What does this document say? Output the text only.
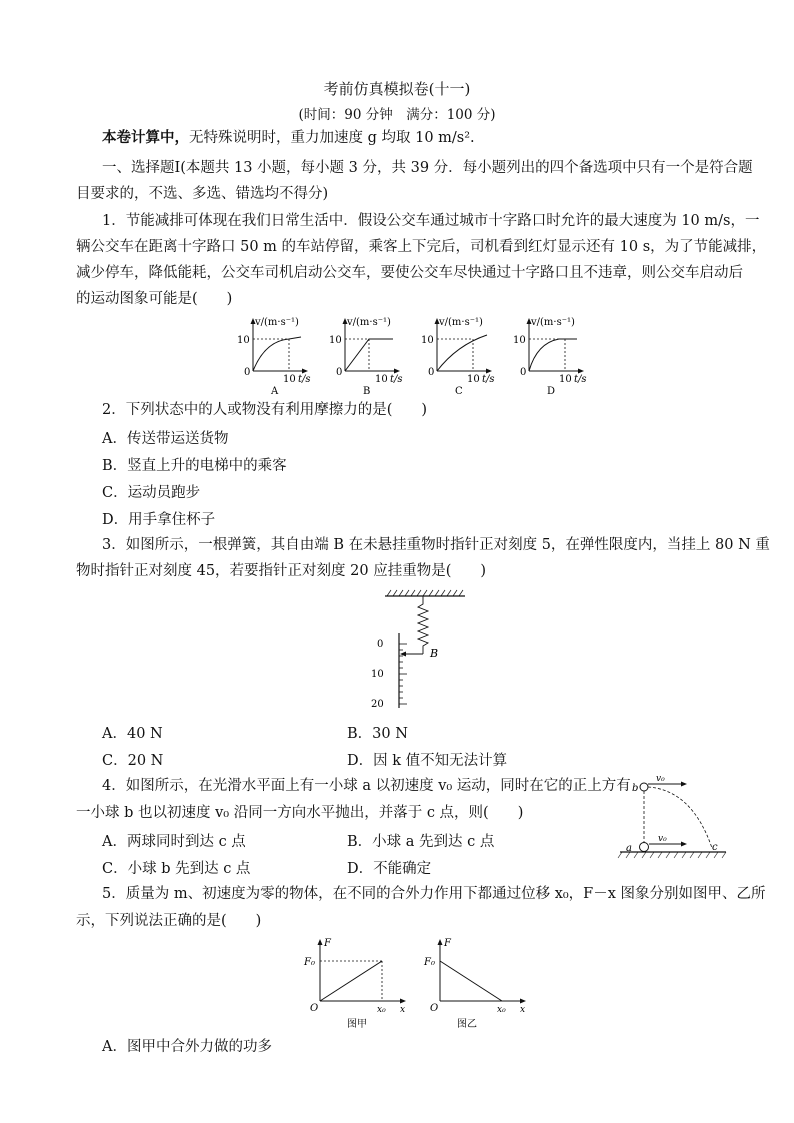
考前仿真模拟卷(十一)
(时间：90 分钟　满分：100 分)
本卷计算中，无特殊说明时，重力加速度 g 均取 10 m/s².
一、选择题Ⅰ(本题共 13 小题，每小题 3 分，共 39 分．每小题列出的四个备选项中只有一个是符合题
目要求的，不选、多选、错选均不得分)
1．节能减排可体现在我们日常生活中．假设公交车通过城市十字路口时允许的最大速度为 10 m/s，一
辆公交车在距离十字路口 50 m 的车站停留，乘客上下完后，司机看到红灯显示还有 10 s，为了节能减排，
减少停车，降低能耗，公交车司机启动公交车，要使公交车尽快通过十字路口且不违章，则公交车启动后
的运动图象可能是(　　)
v/(m·s⁻¹)
10
0
10 t/s
A
v/(m·s⁻¹)
10
0
10 t/s
B
v/(m·s⁻¹)
10
0
10 t/s
C
v/(m·s⁻¹)
10
0
10 t/s
D
2．下列状态中的人或物没有利用摩擦力的是(　　)
A．传送带运送货物
B．竖直上升的电梯中的乘客
C．运动员跑步
D．用手拿住杯子
3．如图所示，一根弹簧，其自由端 B 在未悬挂重物时指针正对刻度 5，在弹性限度内，当挂上 80 N 重
物时指针正对刻度 45，若要指针正对刻度 20 应挂重物是(　　)
0
10
20
B
A．40 N	B．30 N
C．20 N	D．因 k 值不知无法计算
4．如图所示，在光滑水平面上有一小球 a 以初速度 v₀ 运动，同时在它的正上方有
一小球 b 也以初速度 v₀ 沿同一方向水平抛出，并落于 c 点，则(　　)
A．两球同时到达 c 点	B．小球 a 先到达 c 点
C．小球 b 先到达 c 点	D．不能确定
b
v₀
a
v₀
c
5．质量为 m、初速度为零的物体，在不同的合外力作用下都通过位移 x₀，F－x 图象分别如图甲、乙所
示，下列说法正确的是(　　)
F
F₀
O	x₀ x
图甲
F
F₀
O	x₀ x
图乙
A．图甲中合外力做的功多
